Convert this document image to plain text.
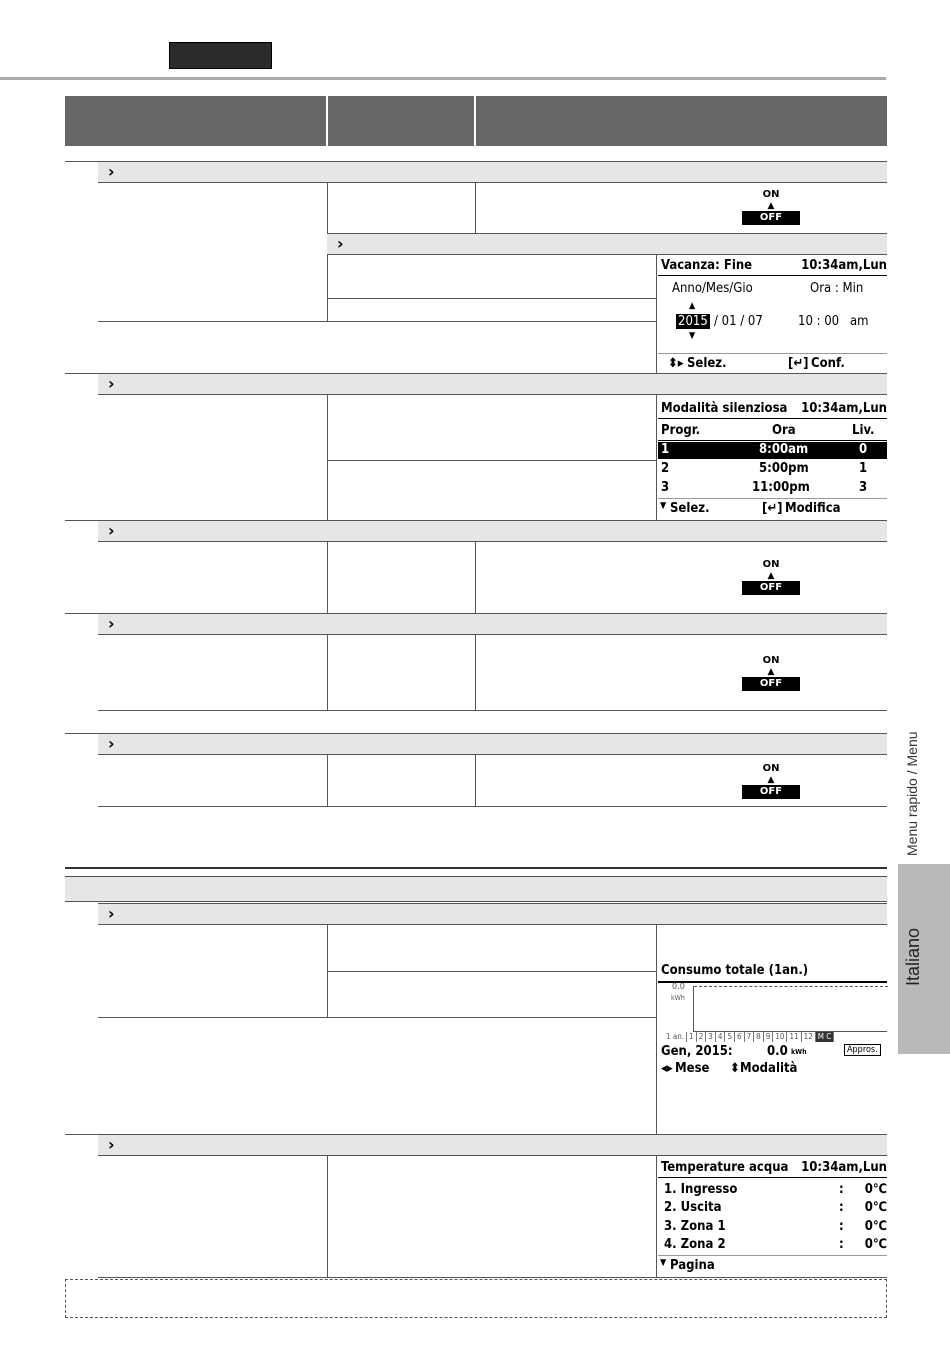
›
ON
▲
OFF
›
Vacanza: Fine	10:34am,Lun
Anno/Mes/Gio	Ora : Min
▲
2015 / 01 / 07	10 : 00 am
▼
⬍▸ Selez.	[↵] Conf.
›
Modalità silenziosa 10:34am,Lun
Progr.	Ora	Liv.
1	8:00am	0
2	5:00pm	1
3	11:00pm	3
▼ Selez.	[↵] Modifica
›
ON
▲
OFF
›
ON
▲
OFF
›
ON
▲
OFF
›
Consumo totale (1an.)
0.0
kWh
1 an. 1 2 3 4 5 6 7 8 9 10 11 12 M C
Gen, 2015:	0.0 kWh	Appros.
◂▸ Mese ⬍ Modalità
›
Temperature acqua 10:34am,Lun
1. Ingresso	: 0℃
2. Uscita	: 0℃
3. Zona 1	: 0℃
4. Zona 2	: 0℃
▼ Pagina
Menu rapido / Menu
Italiano
